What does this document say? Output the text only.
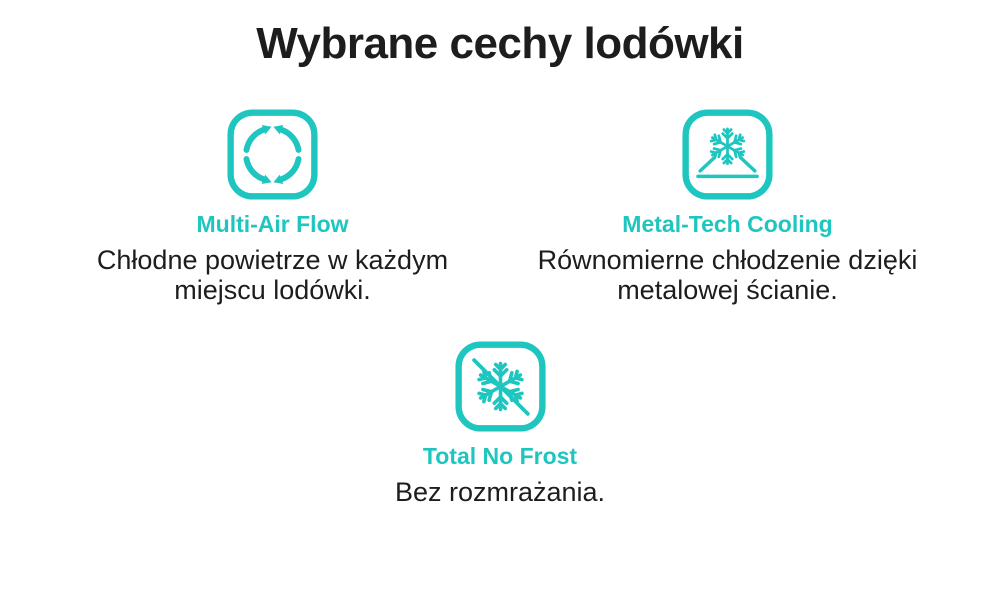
Wybrane cechy lodówki
Multi-Air Flow
Chłodne powietrze w każdym
miejscu lodówki.
Metal-Tech Cooling
Równomierne chłodzenie dzięki
metalowej ścianie.
Total No Frost
Bez rozmrażania.
